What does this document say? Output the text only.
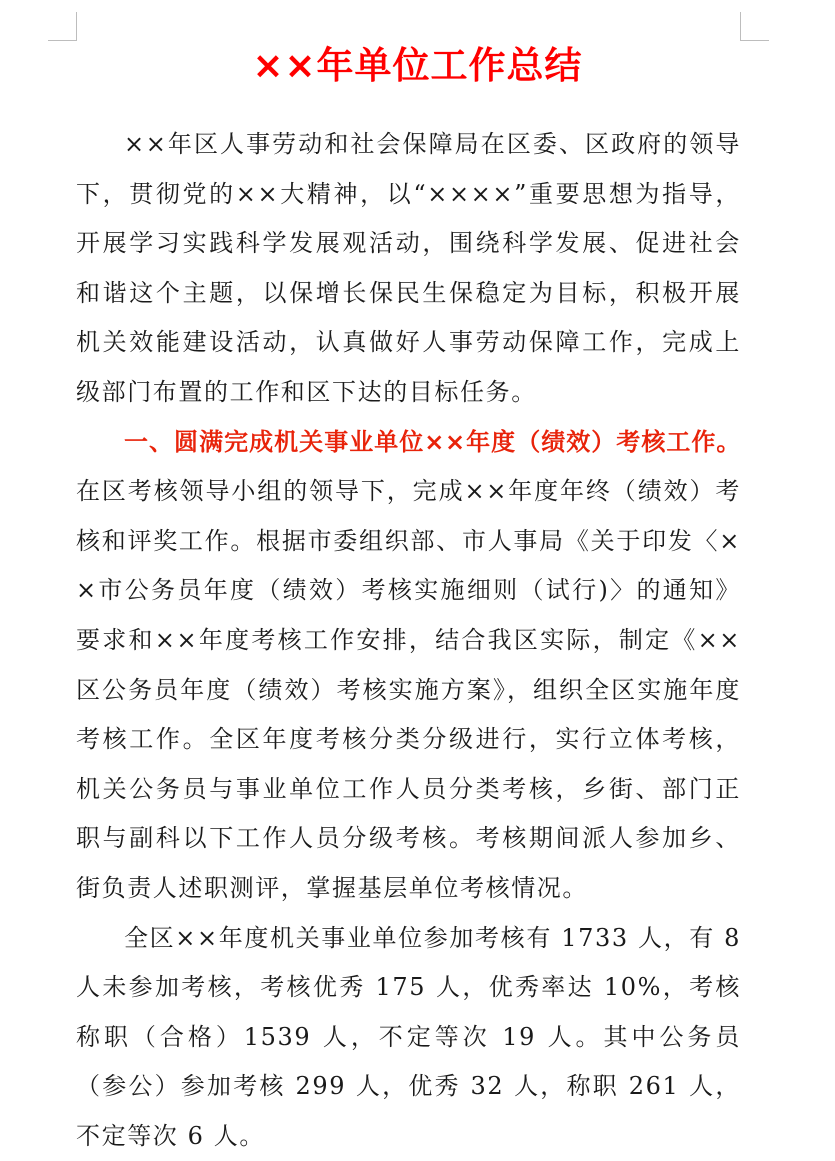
××年单位工作总结

××年区人事劳动和社会保障局在区委、区政府的领导下，贯彻党的××大精神，以“××××”重要思想为指导，开展学习实践科学发展观活动，围绕科学发展、促进社会和谐这个主题，以保增长保民生保稳定为目标，积极开展机关效能建设活动，认真做好人事劳动保障工作，完成上级部门布置的工作和区下达的目标任务。

一、圆满完成机关事业单位××年度（绩效）考核工作。在区考核领导小组的领导下，完成××年度年终（绩效）考核和评奖工作。根据市委组织部、市人事局《关于印发〈××市公务员年度（绩效）考核实施细则（试行)〉的通知》要求和××年度考核工作安排，结合我区实际，制定《××区公务员年度（绩效）考核实施方案》，组织全区实施年度考核工作。全区年度考核分类分级进行，实行立体考核，机关公务员与事业单位工作人员分类考核，乡街、部门正职与副科以下工作人员分级考核。考核期间派人参加乡、街负责人述职测评，掌握基层单位考核情况。

全区××年度机关事业单位参加考核有 1733 人，有 8 人未参加考核，考核优秀 175 人，优秀率达 10%，考核称职（合格）1539 人，不定等次 19 人。其中公务员（参公）参加考核 299 人，优秀 32 人，称职 261 人，不定等次 6 人。
